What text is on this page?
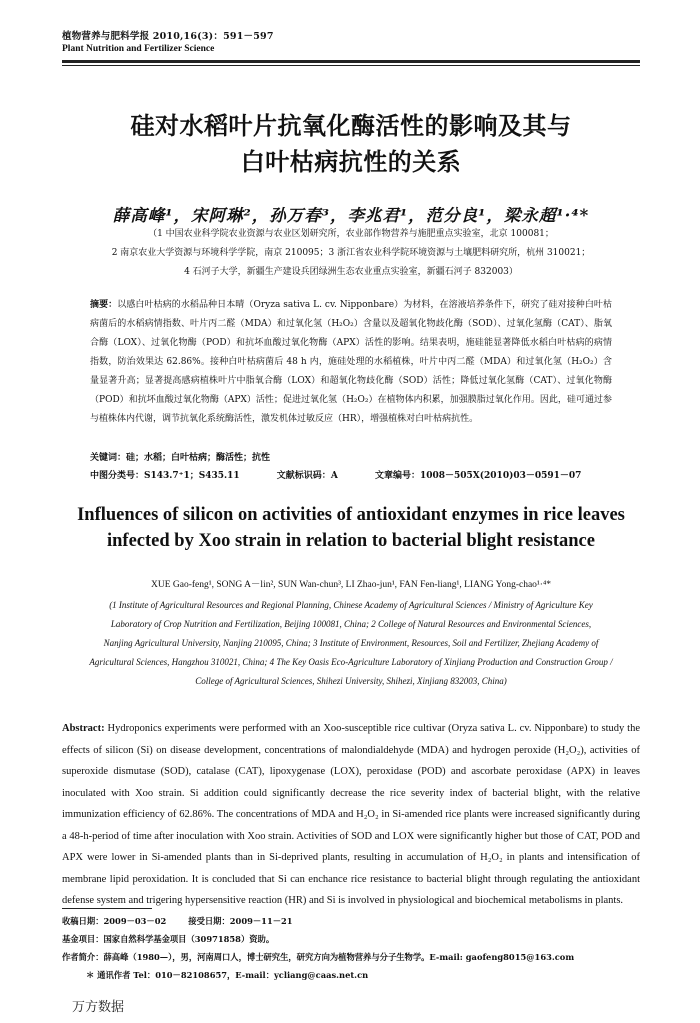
植物营养与肥料学报 2010,16(3)：591－597
Plant Nutrition and Fertilizer Science
硅对水稻叶片抗氧化酶活性的影响及其与
白叶枯病抗性的关系
薛高峰¹，宋阿琳²，孙万春³，李兆君¹，范分良¹，梁永超¹·⁴*
（1 中国农业科学院农业资源与农业区划研究所，农业部作物营养与施肥重点实验室，北京 100081；
2 南京农业大学资源与环境科学学院，南京 210095；3 浙江省农业科学院环境资源与土壤肥料研究所，杭州 310021；
4 石河子大学，新疆生产建设兵团绿洲生态农业重点实验室，新疆石河子 832003）
摘要：以感白叶枯病的水稻品种日本晴（Oryza sativa L. cv. Nipponbare）为材料，在溶液培养条件下，研究了硅对接种白叶枯病菌后的水稻病情指数、叶片丙二醛（MDA）和过氧化氢（H₂O₂）含量以及超氧化物歧化酶（SOD）、过氧化氢酶（CAT）、脂氧合酶（LOX）、过氧化物酶（POD）和抗坏血酸过氧化物酶（APX）活性的影响。结果表明，施硅能显著降低水稻白叶枯病的病情指数，防治效果达 62.86%。接种白叶枯病菌后 48 h 内，施硅处理的水稻植株，叶片中丙二醛（MDA）和过氧化氢（H₂O₂）含量显著升高；显著提高感病植株叶片中脂氧合酶（LOX）和超氧化物歧化酶（SOD）活性；降低过氧化氢酶（CAT）、过氧化物酶（POD）和抗坏血酸过氧化物酶（APX）活性；促进过氧化氢（H₂O₂）在植物体内积累，加强膜脂过氧化作用。因此，硅可通过参与植株体内代谢，调节抗氧化系统酶活性，激发机体过敏反应（HR），增强植株对白叶枯病抗性。
关键词：硅；水稻；白叶枯病；酶活性；抗性
中图分类号：S143.7⁺1；S435.11	文献标识码：A	文章编号：1008－505X(2010)03－0591－07
Influences of silicon on activities of antioxidant enzymes in rice leaves
infected by Xoo strain in relation to bacterial blight resistance
XUE Gao-feng¹, SONG A－lin², SUN Wan-chun³, LI Zhao-jun¹, FAN Fen-liang¹, LIANG Yong-chao¹·⁴*
(1 Institute of Agricultural Resources and Regional Planning, Chinese Academy of Agricultural Sciences / Ministry of Agriculture Key
Laboratory of Crop Nutrition and Fertilization, Beijing 100081, China; 2 College of Natural Resources and Environmental Sciences,
Nanjing Agricultural University, Nanjing 210095, China; 3 Institute of Environment, Resources, Soil and Fertilizer, Zhejiang Academy of
Agricultural Sciences, Hangzhou 310021, China; 4 The Key Oasis Eco-Agriculture Laboratory of Xinjiang Production and Construction Group /
College of Agricultural Sciences, Shihezi University, Shihezi, Xinjiang 832003, China)
Abstract: Hydroponics experiments were performed with an Xoo-susceptible rice cultivar (Oryza sativa L. cv. Nipponbare) to study the effects of silicon (Si) on disease development, concentrations of malondialdehyde (MDA) and hydrogen peroxide (H₂O₂), activities of superoxide dismutase (SOD), catalase (CAT), lipoxygenase (LOX), peroxidase (POD) and ascorbate peroxidase (APX) in leaves inoculated with Xoo strain. Si addition could significantly decrease the rice severity index of bacterial blight, with the relative immunization efficiency of 62.86%. The concentrations of MDA and H₂O₂ in Si-amended rice plants were increased significantly during a 48-h-period of time after inoculation with Xoo strain. Activities of SOD and LOX were significantly higher but those of CAT, POD and APX were lower in Si-amended plants than in Si-deprived plants, resulting in accumulation of H₂O₂ in plants and intensification of membrane lipid peroxidation. It is concluded that Si can enchance rice resistance to bacterial blight through regulating the antioxidant defense system and trigering hypersensitive reaction (HR) and Si is involved in physiological and biochemical metabolisms in plants.
收稿日期：2009－03－02	接受日期：2009－11－21
基金项目：国家自然科学基金项目（30971858）资助。
作者简介：薛高峰（1980—），男，河南周口人，博士研究生，研究方向为植物营养与分子生物学。E-mail: gaofeng8015@163.com
＊ 通讯作者 Tel：010－82108657，E-mail：ycliang@caas.net.cn
万方数据
